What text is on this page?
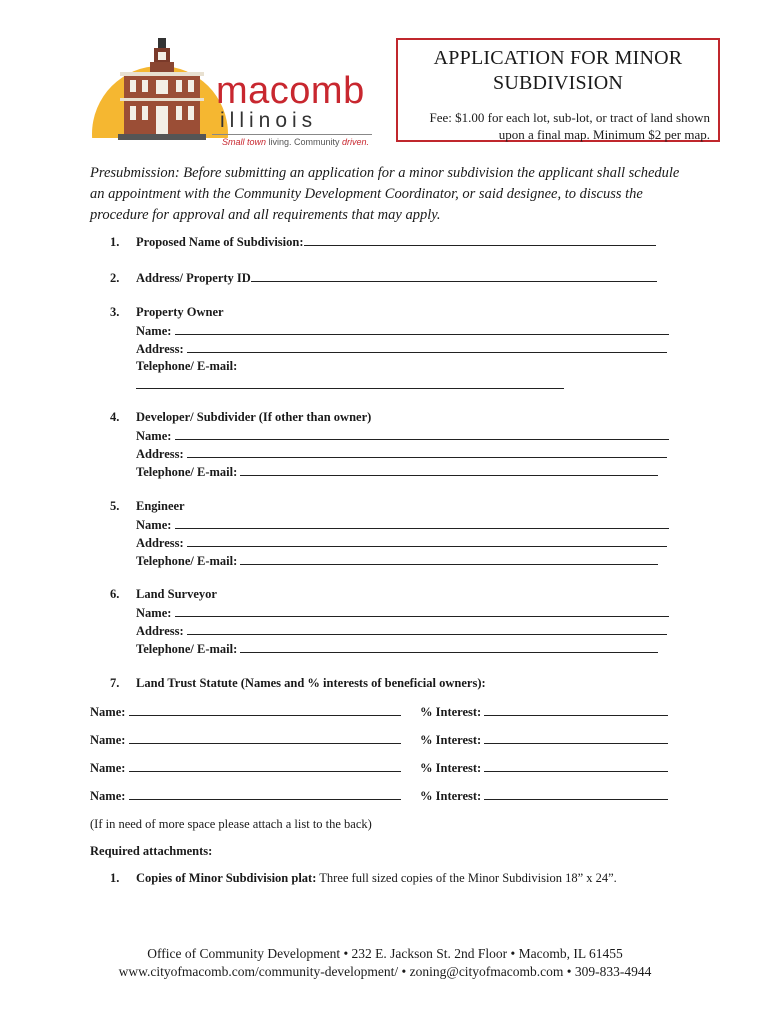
macomb
illinois
Small town living. Community driven.
APPLICATION FOR MINOR
SUBDIVISION
Fee: $1.00 for each lot, sub-lot, or tract of land shown
upon a final map. Minimum $2 per map.
Presubmission: Before submitting an application for a minor subdivision the applicant shall schedule an appointment with the Community Development Coordinator, or said designee, to discuss the procedure for approval and all requirements that may apply.
1. Proposed Name of Subdivision:
2. Address/ Property ID
3. Property Owner
Name:
Address:
Telephone/ E-mail:
4. Developer/ Subdivider (If other than owner)
Name:
Address:
Telephone/ E-mail:
5. Engineer
Name:
Address:
Telephone/ E-mail:
6. Land Surveyor
Name:
Address:
Telephone/ E-mail:
7. Land Trust Statute (Names and % interests of beneficial owners):
Name:	% Interest:
Name:	% Interest:
Name:	% Interest:
Name:	% Interest:
(If in need of more space please attach a list to the back)
Required attachments:
1. Copies of Minor Subdivision plat: Three full sized copies of the Minor Subdivision 18” x 24”.
Office of Community Development • 232 E. Jackson St. 2nd Floor • Macomb, IL 61455
www.cityofmacomb.com/community-development/ • zoning@cityofmacomb.com • 309-833-4944
